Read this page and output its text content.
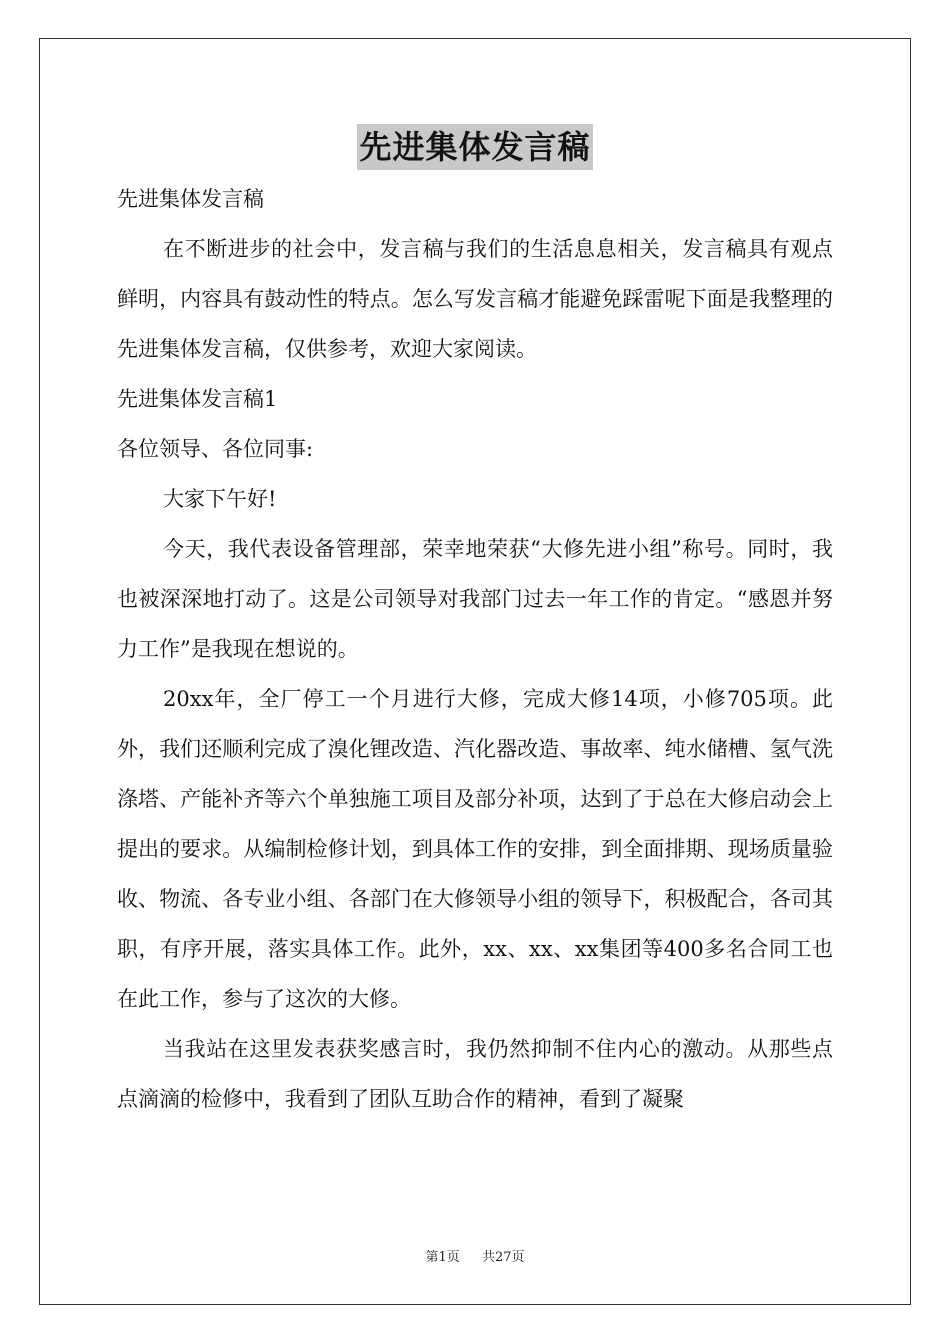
先进集体发言稿

先进集体发言稿

在不断进步的社会中，发言稿与我们的生活息息相关，发言稿具有观点鲜明，内容具有鼓动性的特点。怎么写发言稿才能避免踩雷呢下面是我整理的先进集体发言稿，仅供参考，欢迎大家阅读。

先进集体发言稿1

各位领导、各位同事:

大家下午好!

今天，我代表设备管理部，荣幸地荣获“大修先进小组”称号。同时，我也被深深地打动了。这是公司领导对我部门过去一年工作的肯定。“感恩并努力工作”是我现在想说的。

20xx年，全厂停工一个月进行大修，完成大修14项，小修705项。此外，我们还顺利完成了溴化锂改造、汽化器改造、事故率、纯水储槽、氢气洗涤塔、产能补齐等六个单独施工项目及部分补项，达到了于总在大修启动会上提出的要求。从编制检修计划，到具体工作的安排，到全面排期、现场质量验收、物流、各专业小组、各部门在大修领导小组的领导下，积极配合，各司其职，有序开展，落实具体工作。此外，xx、xx、xx集团等400多名合同工也在此工作，参与了这次的大修。

当我站在这里发表获奖感言时，我仍然抑制不住内心的激动。从那些点点滴滴的检修中，我看到了团队互助合作的精神，看到了凝聚

第1页 共27页
